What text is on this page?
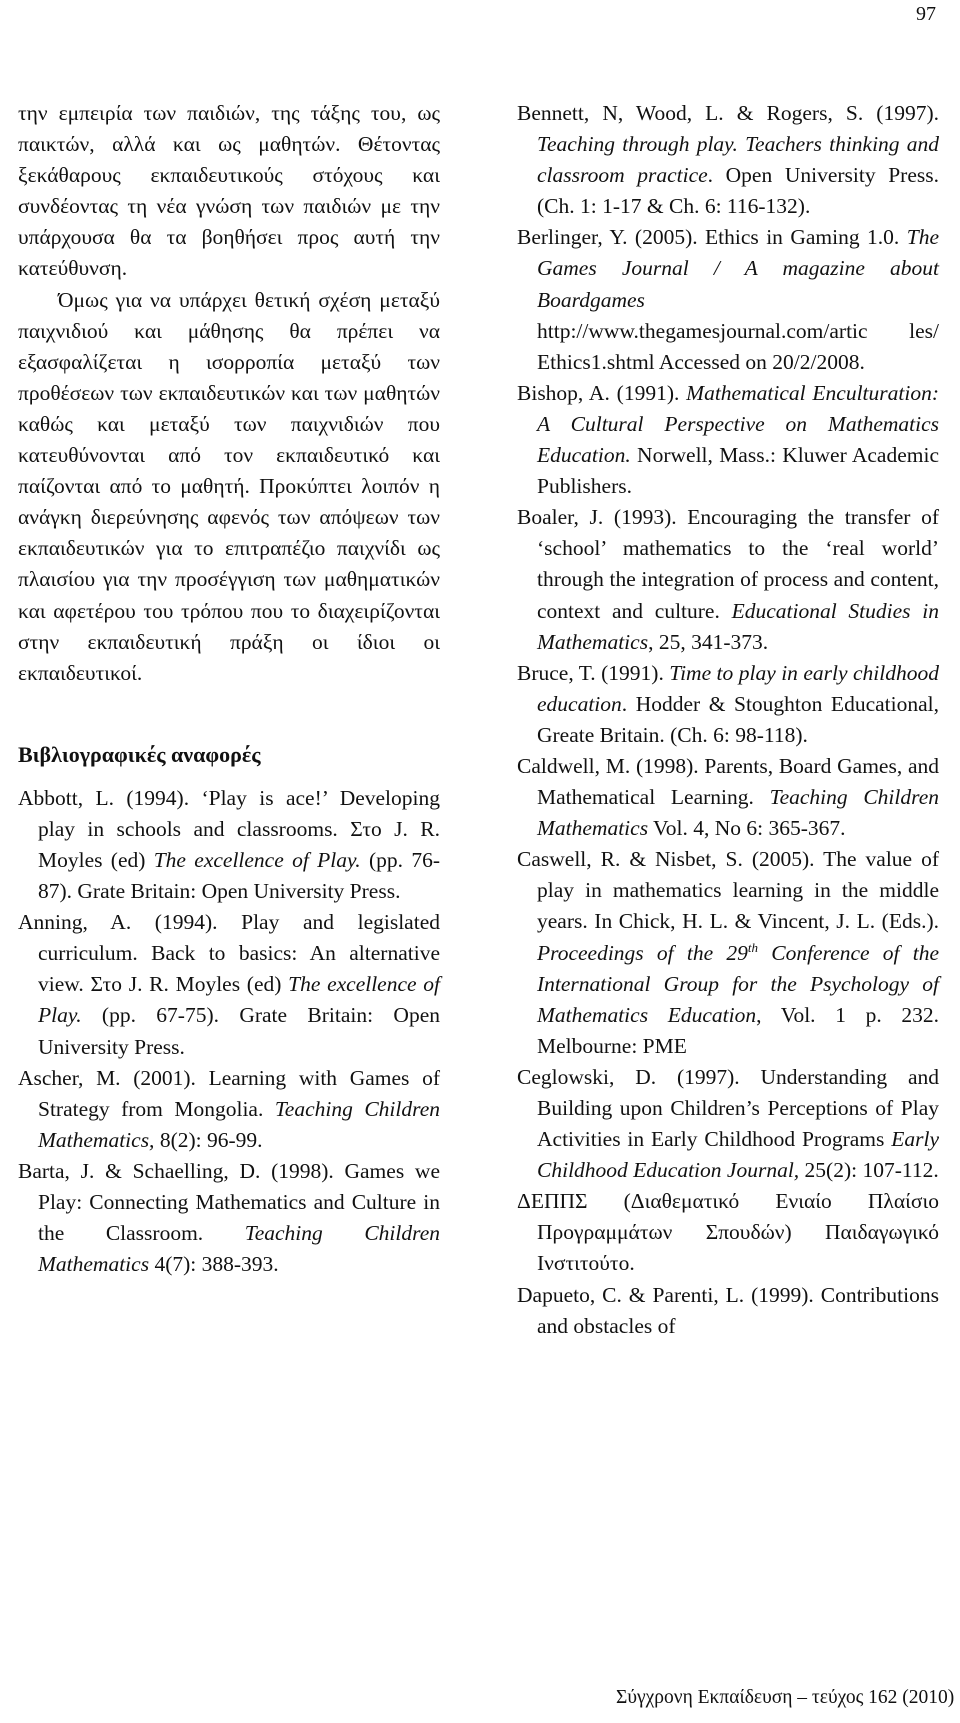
97

την εμπειρία των παιδιών, της τάξης του, ως παικτών, αλλά και ως μαθητών. Θέτοντας ξεκάθαρους εκπαιδευτικούς στόχους και συνδέοντας τη νέα γνώση των παιδιών με την υπάρχουσα θα τα βοηθήσει προς αυτή την κατεύθυνση.

Όμως για να υπάρχει θετική σχέση μεταξύ παιχνιδιού και μάθησης θα πρέπει να εξασφαλίζεται η ισορροπία μεταξύ των προθέσεων των εκπαιδευτικών και των μαθητών καθώς και μεταξύ των παιχνιδιών που κατευθύνονται από τον εκπαιδευτικό και παίζονται από το μαθητή. Προκύπτει λοιπόν η ανάγκη διερεύνησης αφενός των απόψεων των εκπαιδευτικών για το επιτραπέζιο παιχνίδι ως πλαισίου για την προσέγγιση των μαθηματικών και αφετέρου του τρόπου που το διαχειρίζονται στην εκπαιδευτική πράξη οι ίδιοι οι εκπαιδευτικοί.

Βιβλιογραφικές αναφορές

Abbott, L. (1994). ‘Play is ace!’ Developing play in schools and classrooms. Στο J. R. Moyles (ed) The excellence of Play. (pp. 76-87). Grate Britain: Open University Press.

Anning, A. (1994). Play and legislated curriculum. Back to basics: An alternative view. Στο J. R. Moyles (ed) The excellence of Play. (pp. 67-75). Grate Britain: Open University Press.

Ascher, M. (2001). Learning with Games of Strategy from Mongolia. Teaching Children Mathematics, 8(2): 96-99.

Barta, J. & Schaelling, D. (1998). Games we Play: Connecting Mathematics and Culture in the Classroom. Teaching Children Mathematics 4(7): 388-393.

Bennett, N, Wood, L. & Rogers, S. (1997). Teaching through play. Teachers thinking and classroom practice. Open University Press. (Ch. 1: 1-17 & Ch. 6: 116-132).

Berlinger, Y. (2005). Ethics in Gaming 1.0. The Games Journal / A magazine about Boardgames http://www.thegamesjournal.com/artic les/ Ethics1.shtml Accessed on 20/2/2008.

Bishop, A. (1991). Mathematical Enculturation: A Cultural Perspective on Mathematics Education. Norwell, Mass.: Kluwer Academic Publishers.

Boaler, J. (1993). Encouraging the transfer of ‘school’ mathematics to the ‘real world’ through the integration of process and content, context and culture. Educational Studies in Mathematics, 25, 341-373.

Bruce, T. (1991). Time to play in early childhood education. Hodder & Stoughton Educational, Greate Britain. (Ch. 6: 98-118).

Caldwell, M. (1998). Parents, Board Games, and Mathematical Learning. Teaching Children Mathematics Vol. 4, No 6: 365-367.

Caswell, R. & Nisbet, S. (2005). The value of play in mathematics learning in the middle years. In Chick, H. L. & Vincent, J. L. (Eds.). Proceedings of the 29th Conference of the International Group for the Psychology of Mathematics Education, Vol. 1 p. 232. Melbourne: PME

Ceglowski, D. (1997). Understanding and Building upon Children’s Perceptions of Play Activities in Early Childhood Programs Early Childhood Education Journal, 25(2): 107-112.

ΔΕΠΠΣ (Διαθεματικό Ενιαίο Πλαίσιο Προγραμμάτων Σπουδών) Παιδαγωγικό Ινστιτούτο.

Dapueto, C. & Parenti, L. (1999). Contributions and obstacles of

Σύγχρονη Εκπαίδευση – τεύχος 162 (2010)
